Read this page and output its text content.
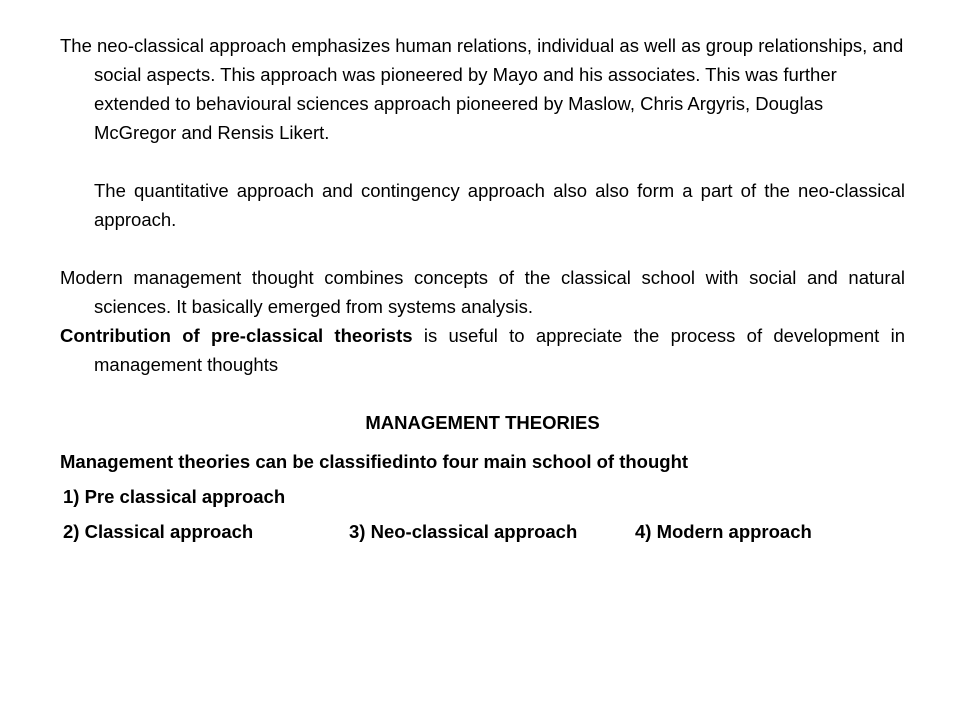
The neo-classical approach emphasizes human relations, individual as well as group relationships, and social aspects. This approach was pioneered by Mayo and his associates. This was further extended to behavioural sciences approach pioneered by Maslow, Chris Argyris, Douglas McGregor and Rensis Likert.

The quantitative approach and contingency approach also also form a part of the neo-classical approach.

Modern management thought combines concepts of the classical school with social and natural sciences. It basically emerged from systems analysis.

Contribution of pre-classical theorists is useful to appreciate the process of development in management thoughts

MANAGEMENT THEORIES

Management theories can be classifiedinto four main school of thought

1) Pre classical approach

2) Classical approach	3) Neo-classical approach	4) Modern approach
